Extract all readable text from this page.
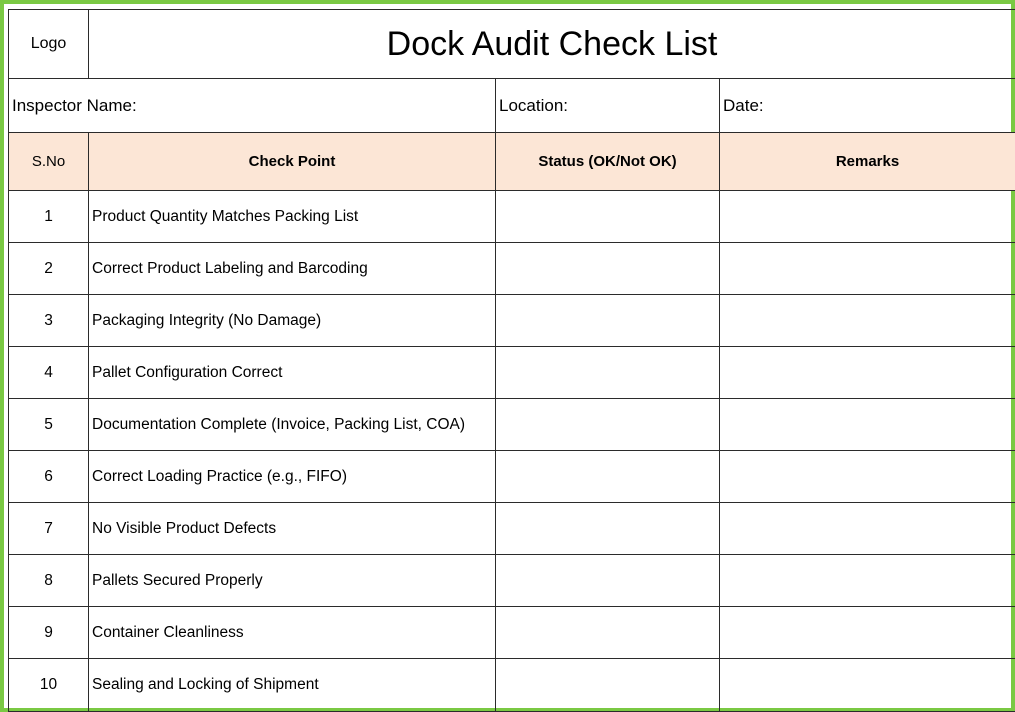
Logo	Dock Audit Check List		
Inspector Name:		Location:	Date:
S.No	Check Point	Status (OK/Not OK)	Remarks
1	Product Quantity Matches Packing List		
2	Correct Product Labeling and Barcoding		
3	Packaging Integrity (No Damage)		
4	Pallet Configuration Correct		
5	Documentation Complete (Invoice, Packing List, COA)		
6	Correct Loading Practice (e.g., FIFO)		
7	No Visible Product Defects		
8	Pallets Secured Properly		
9	Container Cleanliness		
10	Sealing and Locking of Shipment		
